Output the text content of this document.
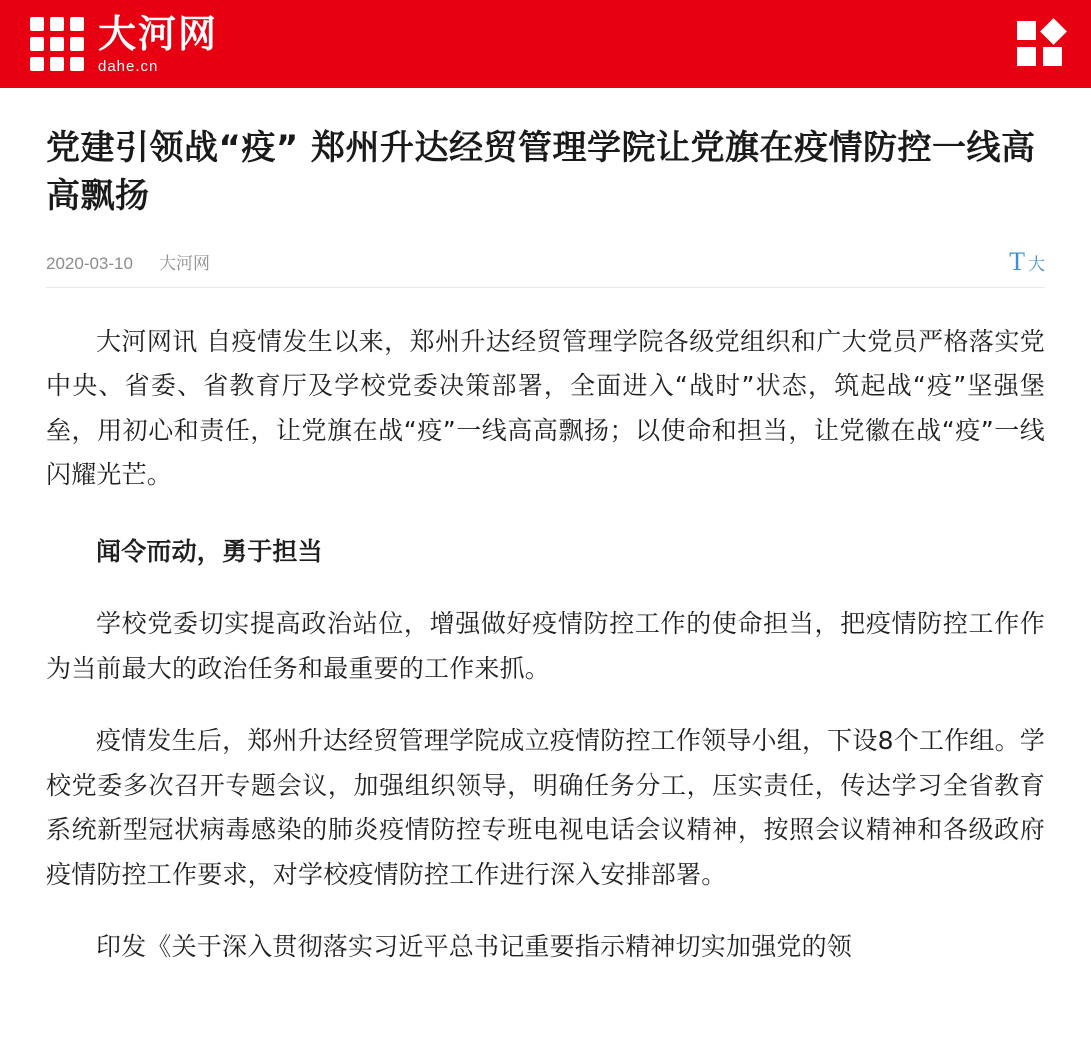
大河网
dahe.cn
党建引领战“疫” 郑州升达经贸管理学院让党旗在疫情防控一线高高飘扬
2020-03-10 大河网	T 大

大河网讯 自疫情发生以来，郑州升达经贸管理学院各级党组织和广大党员严格落实党中央、省委、省教育厅及学校党委决策部署，全面进入“战时”状态，筑起战“疫”坚强堡垒，用初心和责任，让党旗在战“疫”一线高高飘扬；以使命和担当，让党徽在战“疫”一线闪耀光芒。

闻令而动，勇于担当

学校党委切实提高政治站位，增强做好疫情防控工作的使命担当，把疫情防控工作作为当前最大的政治任务和最重要的工作来抓。

疫情发生后，郑州升达经贸管理学院成立疫情防控工作领导小组，下设8个工作组。学校党委多次召开专题会议，加强组织领导，明确任务分工，压实责任，传达学习全省教育系统新型冠状病毒感染的肺炎疫情防控专班电视电话会议精神，按照会议精神和各级政府疫情防控工作要求，对学校疫情防控工作进行深入安排部署。

印发《关于深入贯彻落实习近平总书记重要指示精神切实加强党的领
